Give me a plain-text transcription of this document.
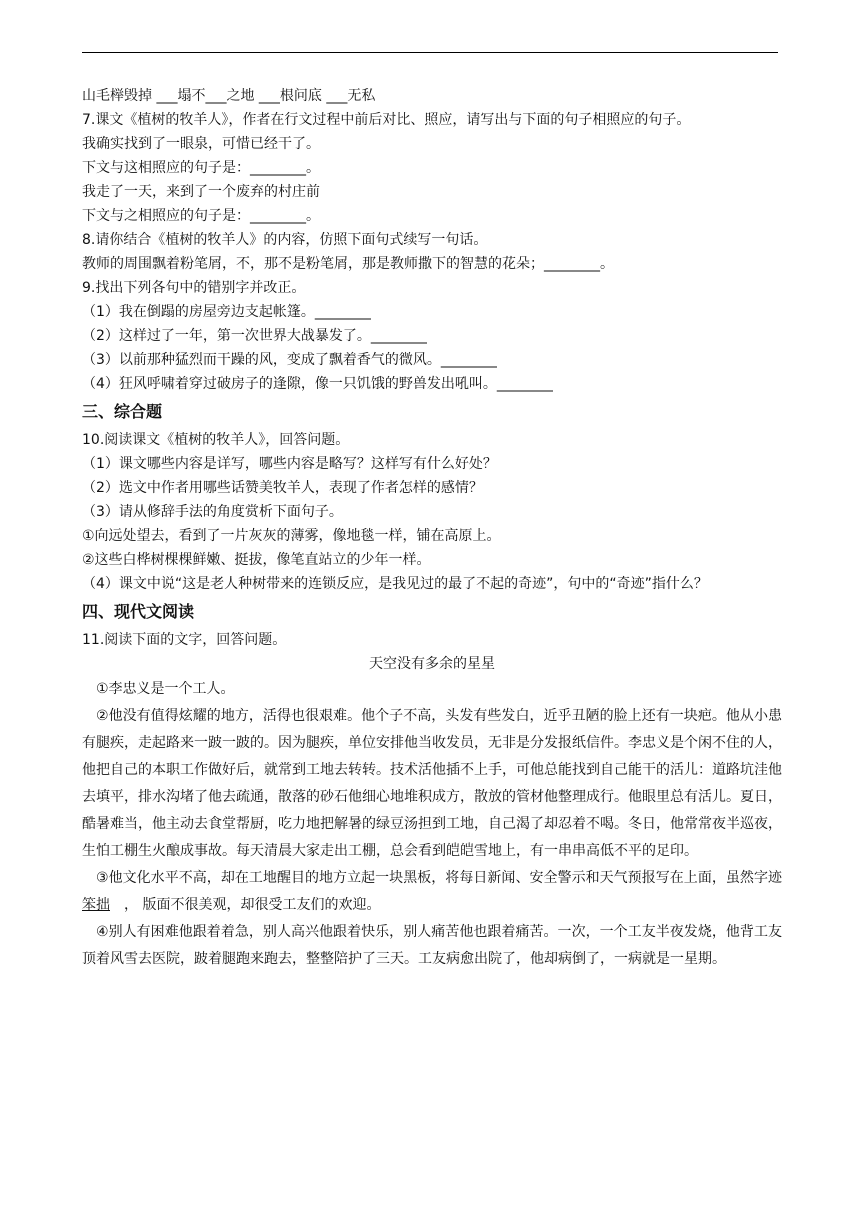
山毛榉毁掉 ___塌不___之地 ___根问底 ___无私

7.课文《植树的牧羊人》，作者在行文过程中前后对比、照应，请写出与下面的句子相照应的句子。

我确实找到了一眼泉，可惜已经干了。

下文与这相照应的句子是：________。

我走了一天，来到了一个废弃的村庄前

下文与之相照应的句子是：________。

8.请你结合《植树的牧羊人》的内容，仿照下面句式续写一句话。

教师的周围飘着粉笔屑，不，那不是粉笔屑，那是教师撒下的智慧的花朵；________。

9.找出下列各句中的错别字并改正。

（1）我在倒蹋的房屋旁边支起帐篷。________

（2）这样过了一年，第一次世界大战暴发了。________

（3）以前那种猛烈而干躁的风，变成了飘着香气的微风。________

（4）狂风呼啸着穿过破房子的逢隙，像一只饥饿的野兽发出吼叫。________

三、综合题

10.阅读课文《植树的牧羊人》，回答问题。

（1）课文哪些内容是详写，哪些内容是略写？这样写有什么好处？

（2）选文中作者用哪些话赞美牧羊人，表现了作者怎样的感情？

（3）请从修辞手法的角度赏析下面句子。

①向远处望去，看到了一片灰灰的薄雾，像地毯一样，铺在高原上。

②这些白桦树棵棵鲜嫩、挺拔，像笔直站立的少年一样。

（4）课文中说“这是老人种树带来的连锁反应，是我见过的最了不起的奇迹”，句中的“奇迹”指什么？

四、现代文阅读

11.阅读下面的文字，回答问题。

天空没有多余的星星

①李忠义是一个工人。

②他没有值得炫耀的地方，活得也很艰难。他个子不高，头发有些发白，近乎丑陋的脸上还有一块疤。他从小患有腿疾，走起路来一跛一跛的。因为腿疾，单位安排他当收发员，无非是分发报纸信件。李忠义是个闲不住的人，他把自己的本职工作做好后，就常到工地去转转。技术活他插不上手，可他总能找到自己能干的活儿：道路坑洼他去填平，排水沟堵了他去疏通，散落的砂石他细心地堆积成方，散放的管材他整理成行。他眼里总有活儿。夏日，酷暑难当，他主动去食堂帮厨，吃力地把解暑的绿豆汤担到工地，自己渴了却忍着不喝。冬日，他常常夜半巡夜，生怕工棚生火酿成事故。每天清晨大家走出工棚，总会看到皑皑雪地上，有一串串高低不平的足印。

③他文化水平不高，却在工地醒目的地方立起一块黑板，将每日新闻、安全警示和天气预报写在上面，虽然字迹笨拙　， 版面不很美观，却很受工友们的欢迎。

④别人有困难他跟着着急，别人高兴他跟着快乐，别人痛苦他也跟着痛苦。一次，一个工友半夜发烧，他背工友顶着风雪去医院，跛着腿跑来跑去，整整陪护了三天。工友病愈出院了，他却病倒了，一病就是一星期。
